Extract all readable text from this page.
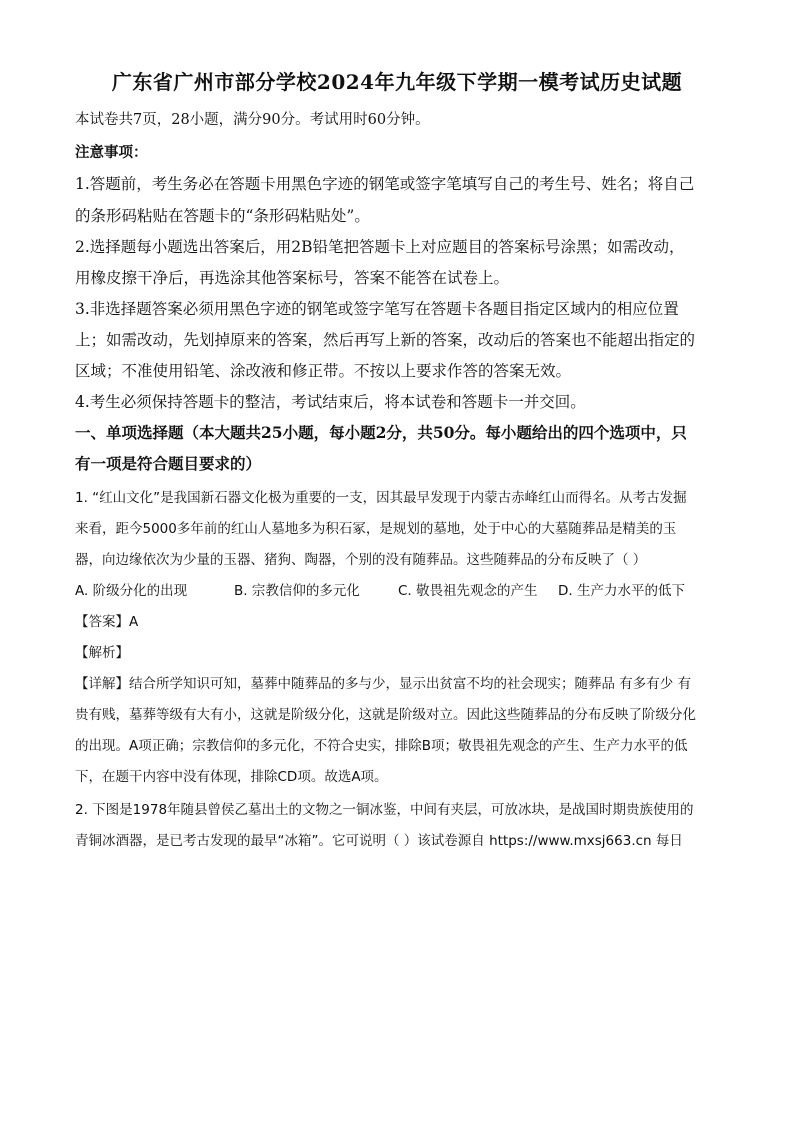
广东省广州市部分学校2024年九年级下学期一模考试历史试题
本试卷共7页，28小题，满分90分。考试用时60分钟。
注意事项：
1.答题前，考生务必在答题卡用黑色字迹的钢笔或签字笔填写自己的考生号、姓名；将自己
的条形码粘贴在答题卡的“条形码粘贴处”。
2.选择题每小题选出答案后，用2B铅笔把答题卡上对应题目的答案标号涂黑；如需改动，
用橡皮擦干净后，再选涂其他答案标号，答案不能答在试卷上。
3.非选择题答案必须用黑色字迹的钢笔或签字笔写在答题卡各题目指定区域内的相应位置
上；如需改动，先划掉原来的答案，然后再写上新的答案，改动后的答案也不能超出指定的
区域；不准使用铅笔、涂改液和修正带。不按以上要求作答的答案无效。
4.考生必须保持答题卡的整洁，考试结束后，将本试卷和答题卡一并交回。
一、单项选择题（本大题共25小题，每小题2分，共50分。每小题给出的四个选项中，只
有一项是符合题目要求的）
1. “红山文化”是我国新石器文化极为重要的一支，因其最早发现于内蒙古赤峰红山而得名。从考古发掘
来看，距今5000多年前的红山人墓地多为积石冢，是规划的墓地，处于中心的大墓随葬品是精美的玉
器，向边缘依次为少量的玉器、猪狗、陶器，个别的没有随葬品。这些随葬品的分布反映了（ ）
A. 阶级分化的出现	B. 宗教信仰的多元化	C. 敬畏祖先观念的产生 D. 生产力水平的低下
【答案】A
【解析】
【详解】结合所学知识可知，墓葬中随葬品的多与少，显示出贫富不均的社会现实；随葬品 有多有少 有
贵有贱，墓葬等级有大有小，这就是阶级分化，这就是阶级对立。因此这些随葬品的分布反映了阶级分化
的出现。A项正确；宗教信仰的多元化，不符合史实，排除B项；敬畏祖先观念的产生、生产力水平的低
下，在题干内容中没有体现，排除CD项。故选A项。
2. 下图是1978年随县曾侯乙墓出土的文物之一铜冰鉴，中间有夹层，可放冰块，是战国时期贵族使用的
青铜冰酒器，是已考古发现的最早“冰箱”。它可说明（ ）该试卷源自 https://www.mxsj663.cn 每日
